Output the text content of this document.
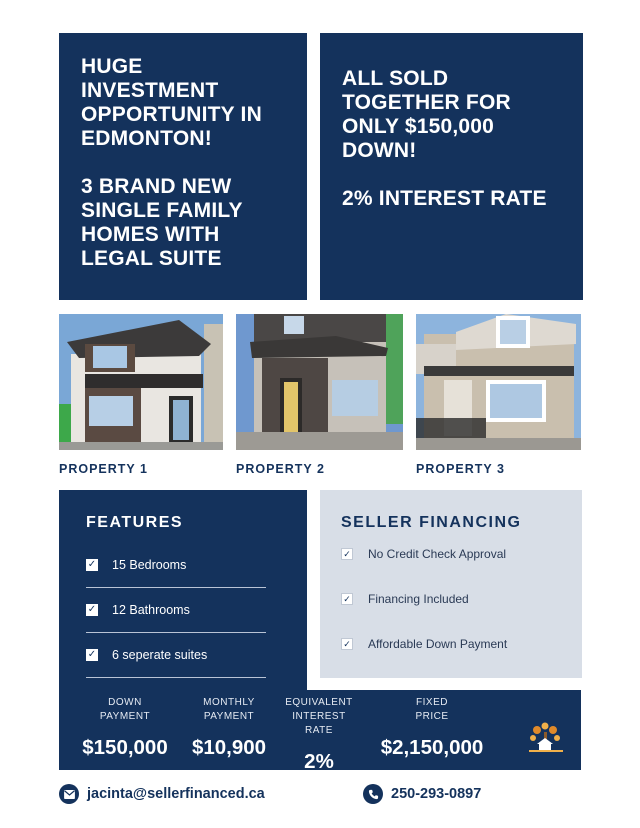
HUGE INVESTMENT OPPORTUNITY IN EDMONTON!
3 BRAND NEW SINGLE FAMILY HOMES WITH LEGAL SUITE
ALL SOLD TOGETHER FOR ONLY $150,000 DOWN!
2% INTEREST RATE
PROPERTY 1	PROPERTY 2	PROPERTY 3
FEATURES
✓ 15 Bedrooms
✓ 12 Bathrooms
✓ 6 seperate suites
SELLER FINANCING
✓ No Credit Check Approval
✓ Financing Included
✓ Affordable Down Payment
DOWN
PAYMENT
$150,000
MONTHLY
PAYMENT
$10,900
EQUIVALENT
INTEREST RATE
2%
FIXED
PRICE
$2,150,000
jacinta@sellerfinanced.ca	250-293-0897
